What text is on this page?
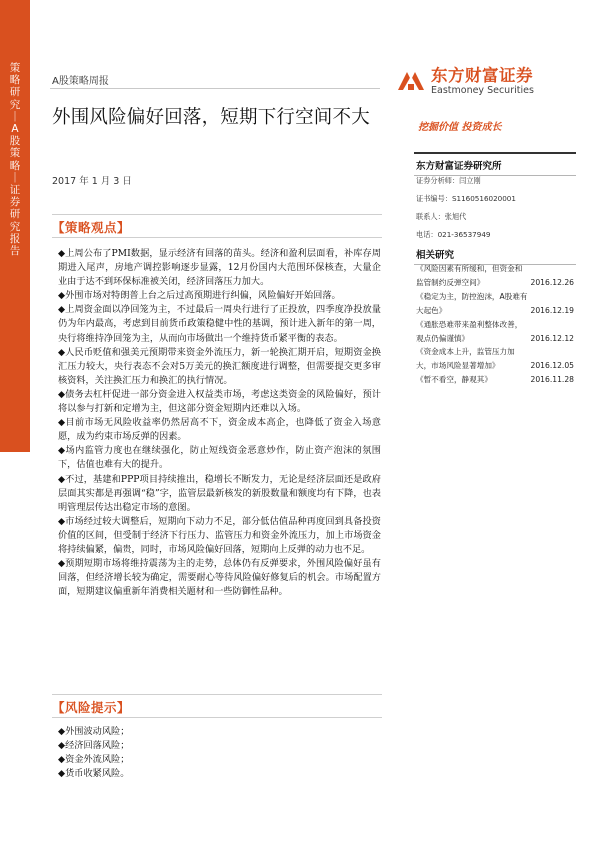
策略研究｜A股策略｜证券研究报告
A股策略周报
外围风险偏好回落，短期下行空间不大
2017 年 1 月 3 日
东方财富证券
Eastmoney Securities
挖掘价值 投资成长
东方财富证券研究所
证券分析师：闫立刚
证书编号：S1160516020001
联系人：张旭代
电话：021-36537949
相关研究
《风险因素有所缓和，但资金和监管制约反弹空间》	2016.12.26
《稳定为主，防控泡沫，A股难有大起色》	2016.12.19
《通胀恐难带来盈利整体改善，观点仍偏谨慎》	2016.12.12
《资金成本上升，监管压力加大，市场风险显著增加》	2016.12.05
《暂不看空，静观其》	2016.11.28
【策略观点】

◆上周公布了PMI数据，显示经济有回落的苗头。经济和盈利层面看，补库存周期进入尾声，房地产调控影响逐步显露，12月份国内大范围环保核查，大量企业由于达不到环保标准被关闭，经济回落压力加大。

◆外围市场对特朗普上台之后过高预期进行纠偏，风险偏好开始回落。

◆上周资金面以净回笼为主，不过最后一周央行进行了正投放，四季度净投放量仍为年内最高，考虑到目前货币政策稳健中性的基调，预计进入新年的第一周，央行将维持净回笼为主，从而向市场做出一个维持货币紧平衡的表态。

◆人民币贬值和强美元预期带来资金外流压力，新一轮换汇期开启，短期资金换汇压力较大，央行表态不会对5万美元的换汇额度进行调整，但需要提交更多审核资料，关注换汇压力和换汇的执行情况。

◆债务去杠杆促进一部分资金进入权益类市场，考虑这类资金的风险偏好，预计将以参与打新和定增为主，但这部分资金短期内还难以入场。

◆目前市场无风险收益率仍然居高不下，资金成本高企，也降低了资金入场意愿，成为约束市场反弹的因素。

◆场内监管力度也在继续强化，防止短线资金恶意炒作，防止资产泡沫的氛围下，估值也难有大的提升。

◆不过，基建和PPP项目持续推出，稳增长不断发力，无论是经济层面还是政府层面其实都是再强调“稳”字，监管层最新核发的新股数量和额度均有下降，也表明管理层传达出稳定市场的意图。

◆市场经过较大调整后，短期向下动力不足，部分低估值品种再度回到具备投资价值的区间，但受制于经济下行压力、监管压力和资金外流压力，加上市场资金将持续偏紧，偏贵，同时，市场风险偏好回落，短期向上反弹的动力也不足。

◆预期短期市场将维持震荡为主的走势，总体仍有反弹要求，外围风险偏好虽有回落，但经济增长较为确定，需要耐心等待风险偏好修复后的机会。市场配置方面，短期建议偏重新年消费相关题材和一些防御性品种。

【风险提示】

◆外围波动风险；

◆经济回落风险；

◆资金外流风险；

◆货币收紧风险。
